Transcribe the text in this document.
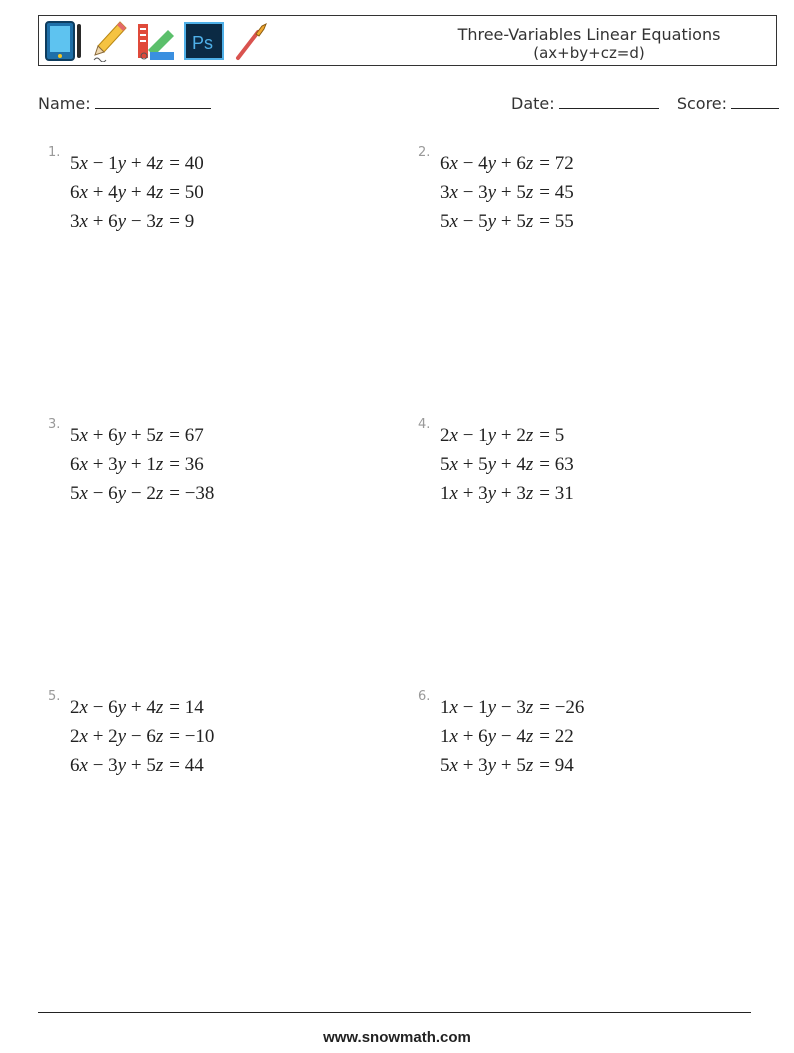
Ps	Three-Variables Linear Equations
(ax+by+cz=d)
Name:	Date:	Score:
1.
5x − 1y + 4z = 40
6x + 4y + 4z = 50
3x + 6y − 3z = 9
2.
6x − 4y + 6z = 72
3x − 3y + 5z = 45
5x − 5y + 5z = 55
3.
5x + 6y + 5z = 67
6x + 3y + 1z = 36
5x − 6y − 2z = −38
4.
2x − 1y + 2z = 5
5x + 5y + 4z = 63
1x + 3y + 3z = 31
5.
2x − 6y + 4z = 14
2x + 2y − 6z = −10
6x − 3y + 5z = 44
6.
1x − 1y − 3z = −26
1x + 6y − 4z = 22
5x + 3y + 5z = 94
www.snowmath.com
